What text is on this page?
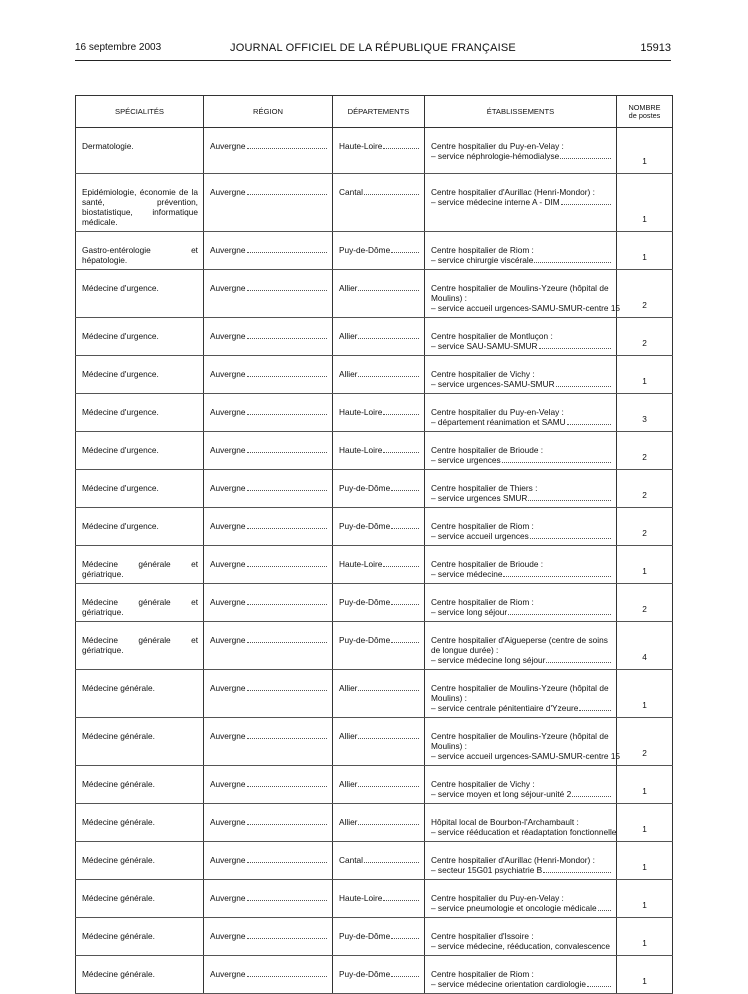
16 septembre 2003	JOURNAL OFFICIEL DE LA RÉPUBLIQUE FRANÇAISE	15913
SPÉCIALITÉS	RÉGION	DÉPARTEMENTS	ÉTABLISSEMENTS	NOMBRE
de postes

Dermatologie.	Auvergne	Haute-Loire	Centre hospitalier du Puy-en-Velay :
– service néphrologie-hémodialyse	1

Epidémiologie, économie de la santé, prévention, biostatistique, informatique médicale.	Auvergne	Cantal	Centre hospitalier d'Aurillac (Henri-Mondor) :
– service médecine interne A - DIM	1

Gastro-entérologie et hépatologie.	Auvergne	Puy-de-Dôme	Centre hospitalier de Riom :
– service chirurgie viscérale	1

Médecine d'urgence.	Auvergne	Allier	Centre hospitalier de Moulins-Yzeure (hôpital de Moulins) :
– service accueil urgences-SAMU-SMUR-centre 15	2

Médecine d'urgence.	Auvergne	Allier	Centre hospitalier de Montluçon :
– service SAU-SAMU-SMUR	2

Médecine d'urgence.	Auvergne	Allier	Centre hospitalier de Vichy :
– service urgences-SAMU-SMUR	1

Médecine d'urgence.	Auvergne	Haute-Loire	Centre hospitalier du Puy-en-Velay :
– département réanimation et SAMU	3

Médecine d'urgence.	Auvergne	Haute-Loire	Centre hospitalier de Brioude :
– service urgences	2

Médecine d'urgence.	Auvergne	Puy-de-Dôme	Centre hospitalier de Thiers :
– service urgences SMUR	2

Médecine d'urgence.	Auvergne	Puy-de-Dôme	Centre hospitalier de Riom :
– service accueil urgences	2

Médecine générale et gériatrique.	Auvergne	Haute-Loire	Centre hospitalier de Brioude :
– service médecine	1

Médecine générale et gériatrique.	Auvergne	Puy-de-Dôme	Centre hospitalier de Riom :
– service long séjour	2

Médecine générale et gériatrique.	Auvergne	Puy-de-Dôme	Centre hospitalier d'Aigueperse (centre de soins de longue durée) :
– service médecine long séjour	4

Médecine générale.	Auvergne	Allier	Centre hospitalier de Moulins-Yzeure (hôpital de Moulins) :
– service centrale pénitentiaire d'Yzeure	1

Médecine générale.	Auvergne	Allier	Centre hospitalier de Moulins-Yzeure (hôpital de Moulins) :
– service accueil urgences-SAMU-SMUR-centre 15	2

Médecine générale.	Auvergne	Allier	Centre hospitalier de Vichy :
– service moyen et long séjour-unité 2	1

Médecine générale.	Auvergne	Allier	Hôpital local de Bourbon-l'Archambault :
– service rééducation et réadaptation fonctionnelle	1

Médecine générale.	Auvergne	Cantal	Centre hospitalier d'Aurillac (Henri-Mondor) :
– secteur 15G01 psychiatrie B	1

Médecine générale.	Auvergne	Haute-Loire	Centre hospitalier du Puy-en-Velay :
– service pneumologie et oncologie médicale	1

Médecine générale.	Auvergne	Puy-de-Dôme	Centre hospitalier d'Issoire :
– service médecine, rééducation, convalescence	1

Médecine générale.	Auvergne	Puy-de-Dôme	Centre hospitalier de Riom :
– service médecine orientation cardiologie	1
